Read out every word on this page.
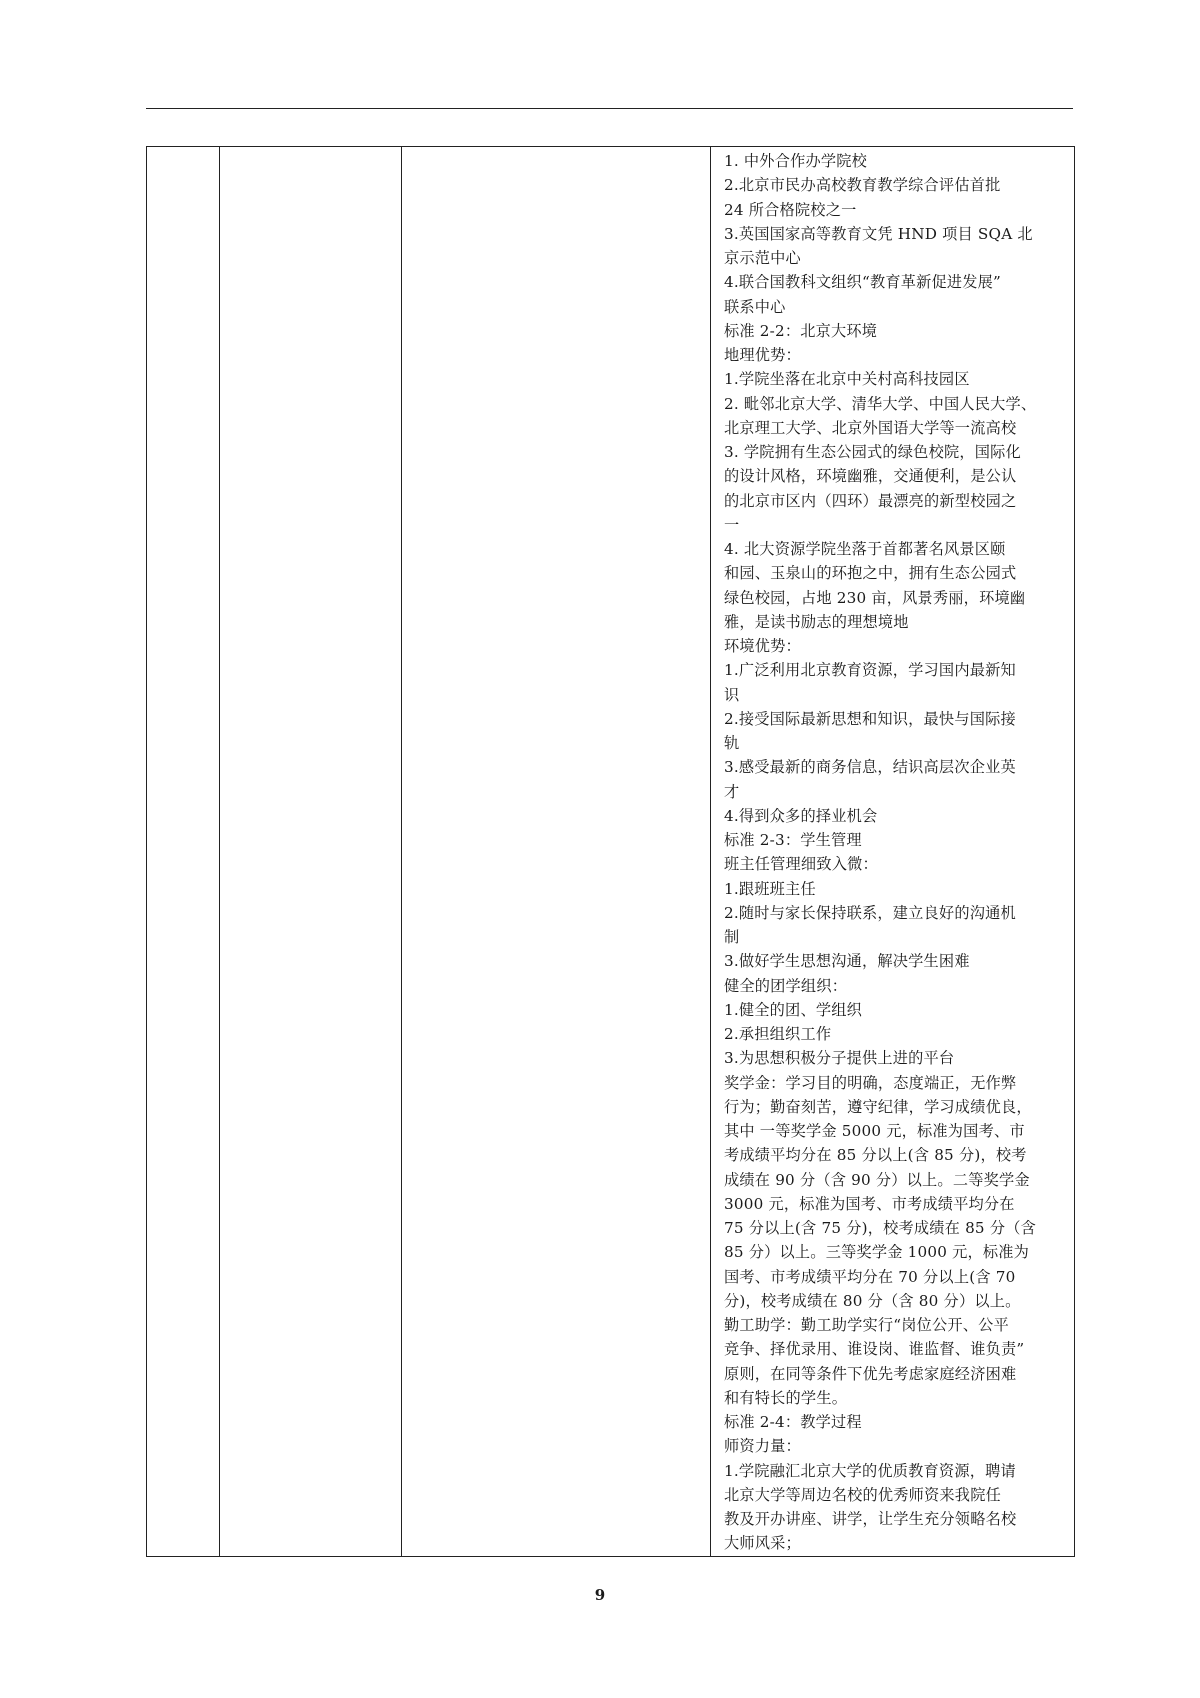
1. 中外合作办学院校
2.北京市民办高校教育教学综合评估首批
24 所合格院校之一
3.英国国家高等教育文凭 HND 项目 SQA 北
京示范中心
4.联合国教科文组织“教育革新促进发展”
联系中心
标准 2-2：北京大环境
地理优势：
1.学院坐落在北京中关村高科技园区
2. 毗邻北京大学、清华大学、中国人民大学、
北京理工大学、北京外国语大学等一流高校
3. 学院拥有生态公园式的绿色校院，国际化
的设计风格，环境幽雅，交通便利，是公认
的北京市区内（四环）最漂亮的新型校园之
一
4. 北大资源学院坐落于首都著名风景区颐
和园、玉泉山的环抱之中，拥有生态公园式
绿色校园，占地 230 亩，风景秀丽，环境幽
雅，是读书励志的理想境地
环境优势：
1.广泛利用北京教育资源，学习国内最新知
识
2.接受国际最新思想和知识，最快与国际接
轨
3.感受最新的商务信息，结识高层次企业英
才
4.得到众多的择业机会
标准 2-3：学生管理
班主任管理细致入微：
1.跟班班主任
2.随时与家长保持联系，建立良好的沟通机
制
3.做好学生思想沟通，解决学生困难
健全的团学组织：
1.健全的团、学组织
2.承担组织工作
3.为思想积极分子提供上进的平台
奖学金：学习目的明确，态度端正，无作弊
行为；勤奋刻苦，遵守纪律，学习成绩优良，
其中 一等奖学金 5000 元，标准为国考、市
考成绩平均分在 85 分以上(含 85 分)，校考
成绩在 90 分（含 90 分）以上。二等奖学金
3000 元，标准为国考、市考成绩平均分在
75 分以上(含 75 分)，校考成绩在 85 分（含
85 分）以上。三等奖学金 1000 元，标准为
国考、市考成绩平均分在 70 分以上(含 70
分)，校考成绩在 80 分（含 80 分）以上。
勤工助学：勤工助学实行“岗位公开、公平
竞争、择优录用、谁设岗、谁监督、谁负责”
原则，在同等条件下优先考虑家庭经济困难
和有特长的学生。
标准 2-4：教学过程
师资力量：
1.学院融汇北京大学的优质教育资源，聘请
北京大学等周边名校的优秀师资来我院任
教及开办讲座、讲学，让学生充分领略名校
大师风采；
9
